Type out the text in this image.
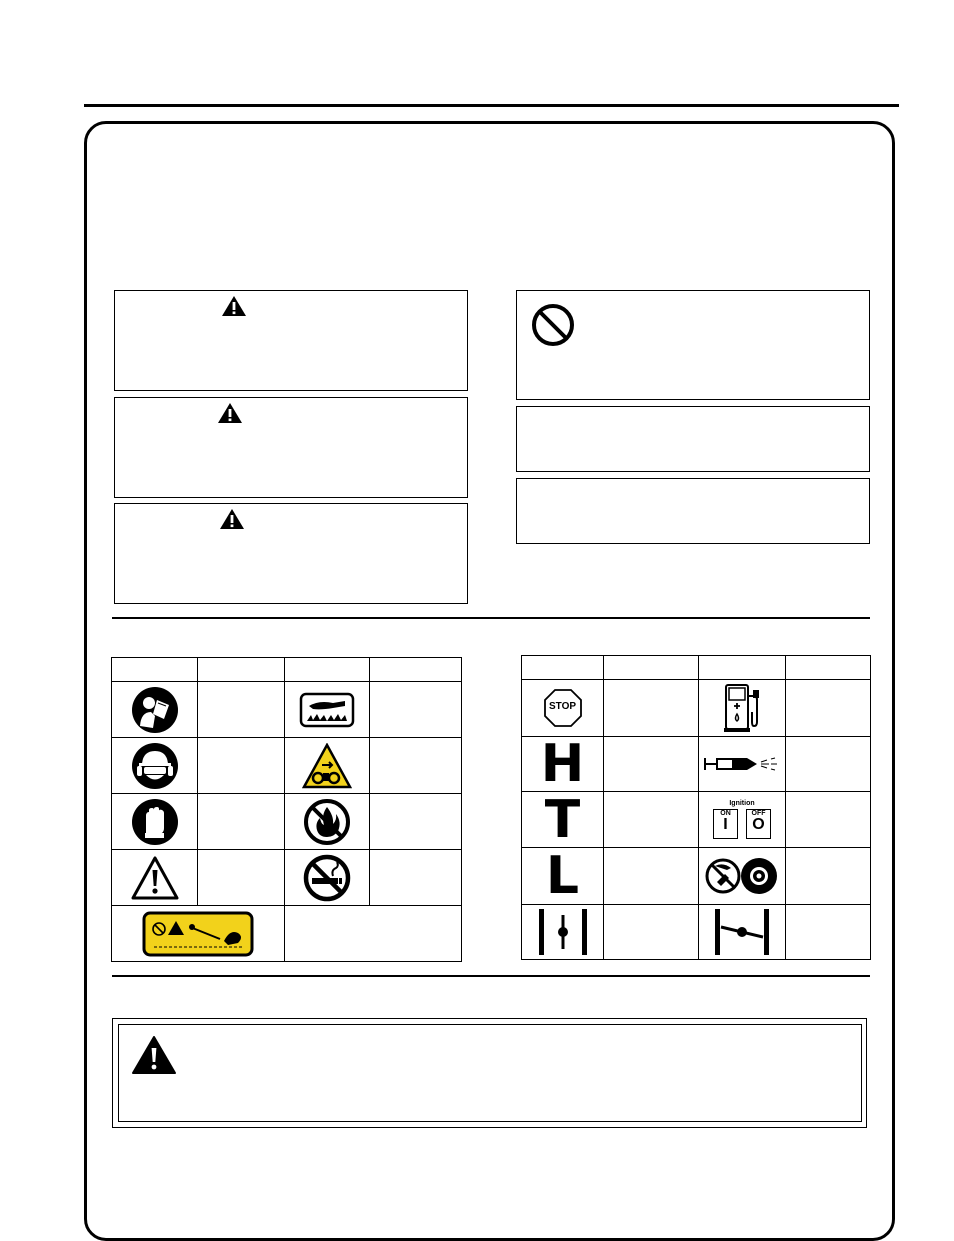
STOP

H

T		Ignition
ON
I
OFF
O	

L
